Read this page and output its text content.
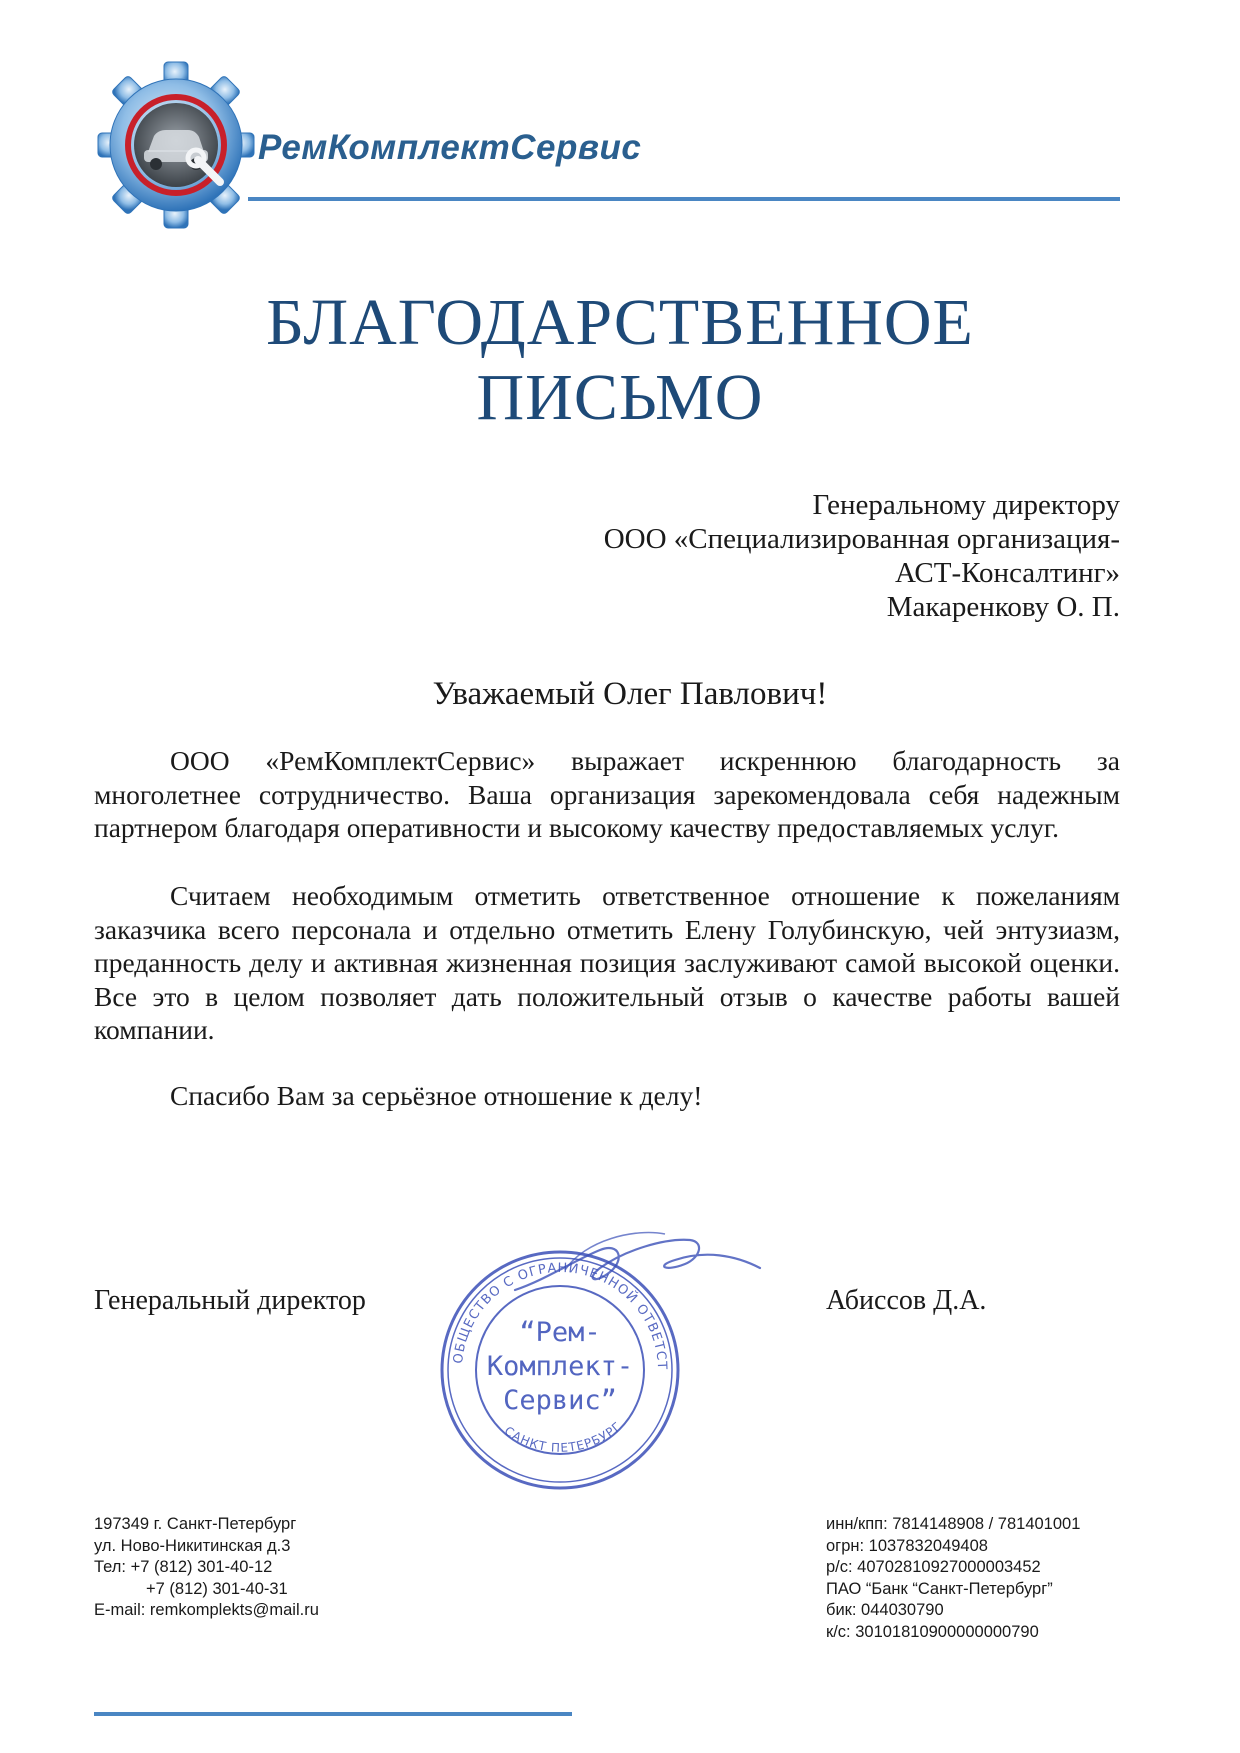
РемКомплектСервис
БЛАГОДАРСТВЕННОЕ
ПИСЬМО
Генеральному директору
ООО «Специализированная организация-
АСТ-Консалтинг»
Макаренкову О. П.
Уважаемый Олег Павлович!

ООО «РемКомплектСервис» выражает искреннюю благодарность за многолетнее сотрудничество. Ваша организация зарекомендовала себя надежным партнером благодаря оперативности и высокому качеству предоставляемых услуг.

Считаем необходимым отметить ответственное отношение к пожеланиям заказчика всего персонала и отдельно отметить Елену Голубинскую, чей энтузиазм, преданность делу и активная жизненная позиция заслуживают самой высокой оценки. Все это в целом позволяет дать положительный отзыв о качестве работы вашей компании.

Спасибо Вам за серьёзное отношение к делу!

Генеральный директор	Абиссов Д.А.
ОБЩЕСТВО С ОГРАНИЧЕННОЙ ОТВЕТСТ
САНКТ ПЕТЕРБУРГ
“Рем-
Комплект-
Сервис”
197349 г. Санкт-Петербург
ул. Ново-Никитинская д.3
Тел: +7 (812) 301-40-12
+7 (812) 301-40-31
E-mail: remkomplekts@mail.ru
инн/кпп: 7814148908 / 781401001
огрн: 1037832049408
р/с: 40702810927000003452
ПАО “Банк “Санкт-Петербург”
бик: 044030790
к/с: 30101810900000000790
